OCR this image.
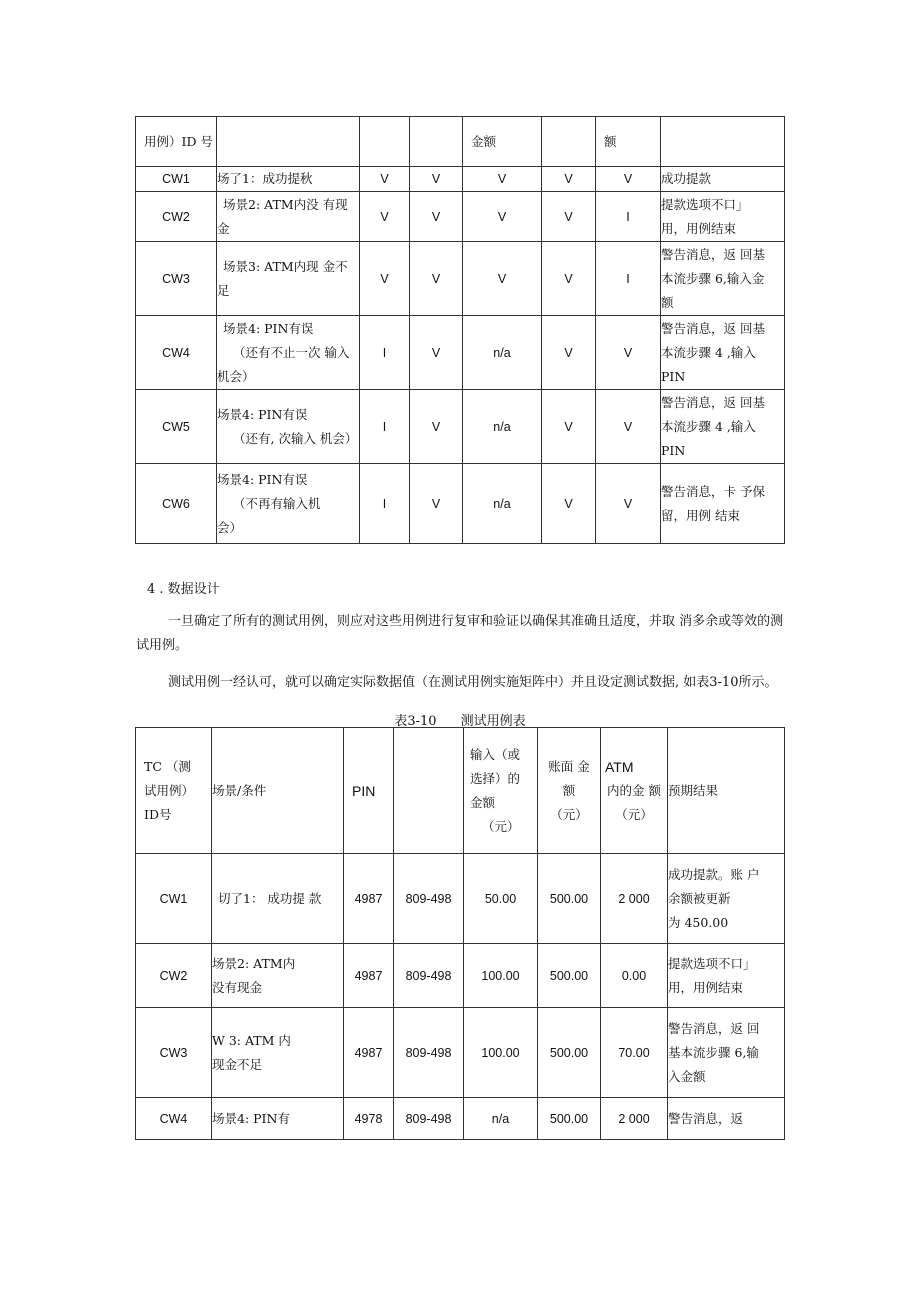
用例）ID 号				金额		额	
CW1	场了1：成功提秋	V	V	V	V	V	成功提款

CW2	场景2: ATM内没 有现
金	V	V	V	V	I	提款选项不口」
用，用例结束

CW3	场景3: ATM内现 金不
足	V	V	V	V	I	警告消息，返 回基
本流步骤 6,输入金
额

CW4	场景4: PIN有误
（还有不止一次 输入
机会）	I	V	n/a	V	V	警告消息，返 回基
本流步骤 4 ,输入
PIN

CW5	场景4: PIN有误
（还有, 次输入 机会）	I	V	n/a	V	V	警告消息，返 回基
本流步骤 4 ,输入
PIN

CW6	场景4: PIN有误
（不再有输入机
会）	I	V	n/a	V	V	警告消息，卡 予保
留，用例 结束
4 . 数据设计

一旦确定了所有的测试用例，则应对这些用例进行复审和验证以确保其准确且适度，并取 消多余或等效的测试用例。

测试用例一经认可，就可以确定实际数据值（在测试用例实施矩阵中）并且设定测试数据, 如表3-10所示。

表3-10 测试用例表
TC （测
试用例）
ID号	场景/条件	PIN		输入（或
选择）的
金额
（元）	账面 金
额
（元）	ATM
内的金 额
（元）	预期结果
CW1	切了1： 成功提 款	4987	809-498	50.00	500.00	2 000	成功提款。账 户
余额被更新
为 450.00

CW2	场景2: ATM内
没有现金	4987	809-498	100.00	500.00	0.00	提款选项不口」
用，用例结束

CW3	W 3: ATM 内
现金不足	4987	809-498	100.00	500.00	70.00	警告消息，返 回
基本流步骤 6,输
入金额

CW4	场景4: PIN有	4978	809-498	n/a	500.00	2 000	警告消息，返
